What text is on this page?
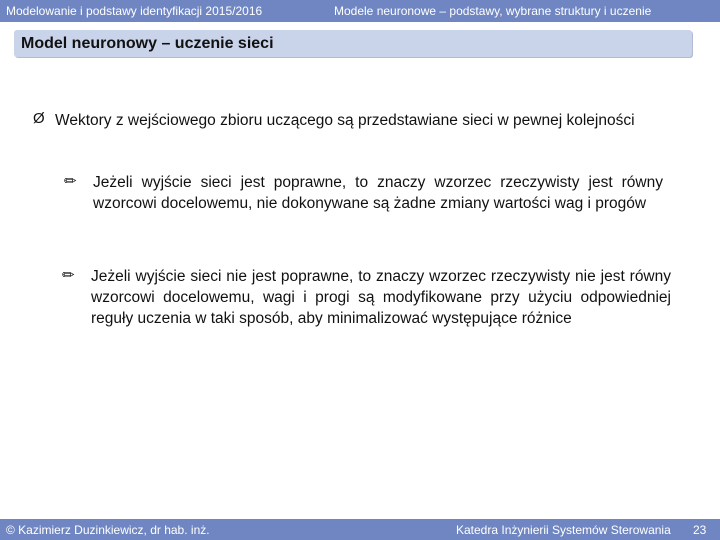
Modelowanie i podstawy identyfikacji 2015/2016	Modele neuronowe – podstawy, wybrane struktury i uczenie
Model neuronowy – uczenie sieci
Ø Wektory z wejściowego zbioru uczącego są przedstawiane sieci w pewnej kolejności
✏ Jeżeli wyjście sieci jest poprawne, to znaczy wzorzec rzeczywisty jest równy wzorcowi docelowemu, nie dokonywane są żadne zmiany wartości wag i progów
✏ Jeżeli wyjście sieci nie jest poprawne, to znaczy wzorzec rzeczywisty nie jest równy wzorcowi docelowemu, wagi i progi są modyfikowane przy użyciu odpowiedniej reguły uczenia w taki sposób, aby minimalizować występujące różnice
© Kazimierz Duzinkiewicz, dr hab. inż.	Katedra Inżynierii Systemów Sterowania 23
